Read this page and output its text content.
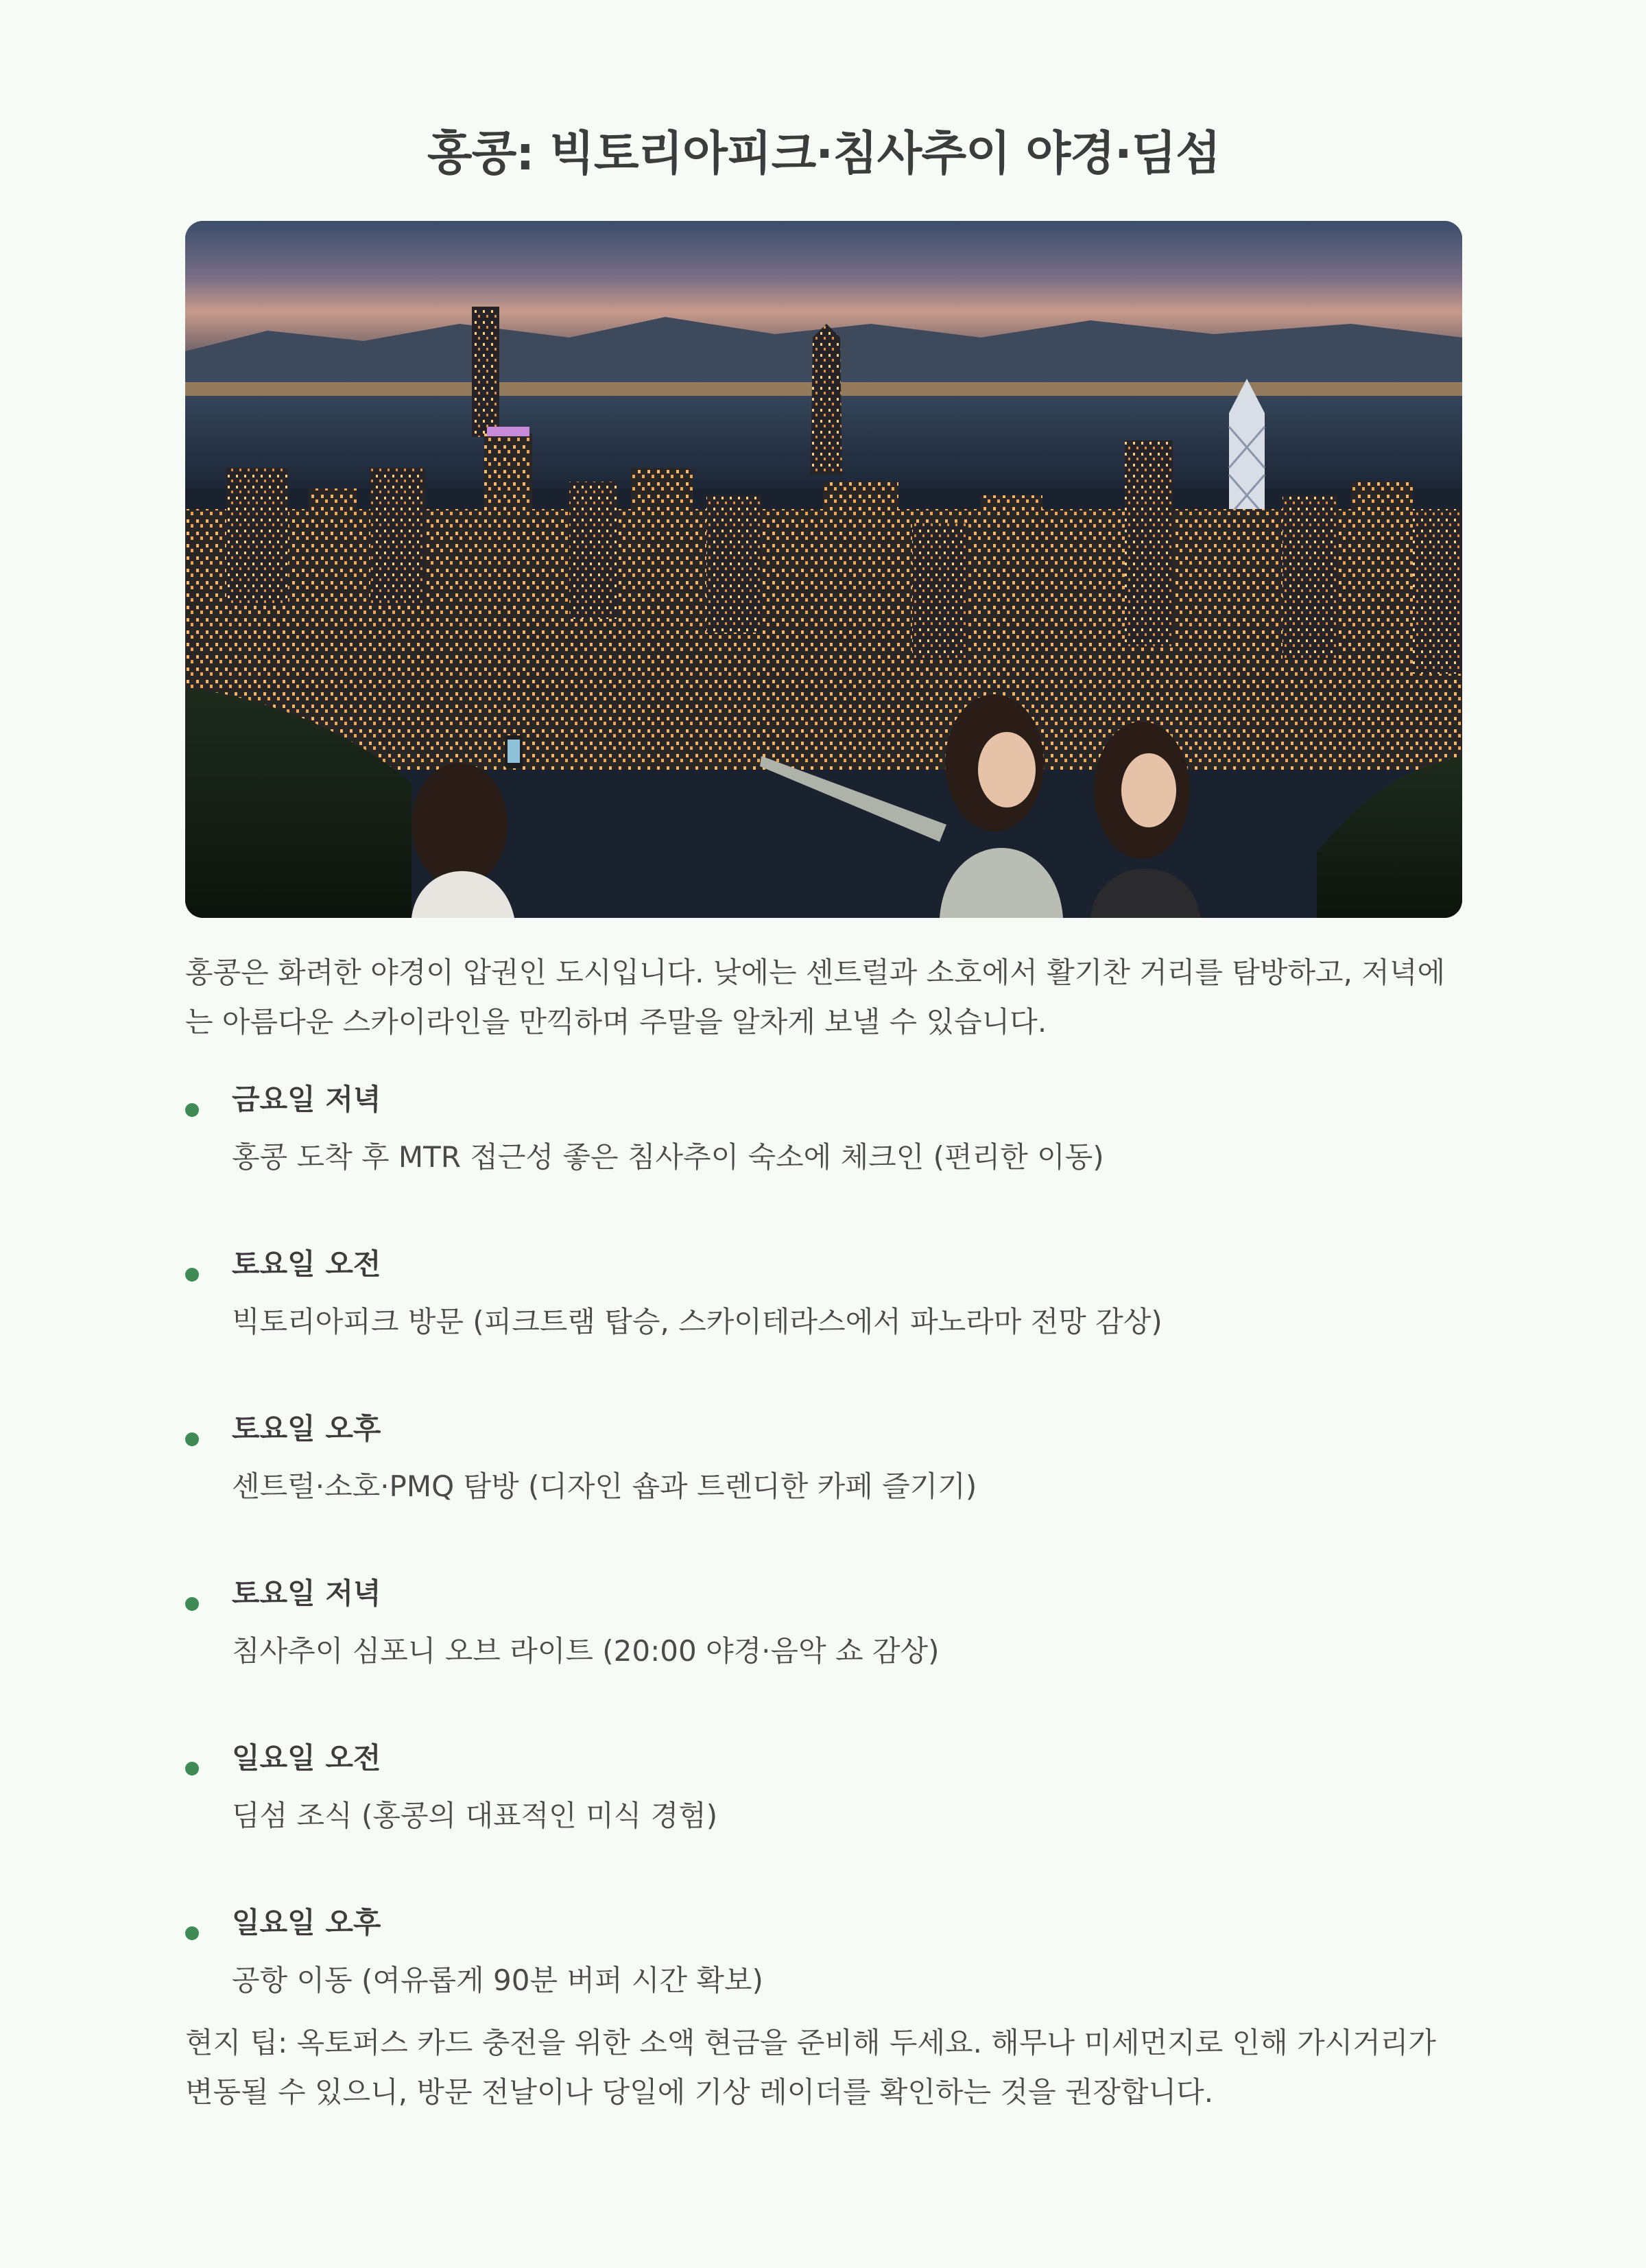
홍콩: 빅토리아피크·침사추이 야경·딤섬

홍콩은 화려한 야경이 압권인 도시입니다. 낮에는 센트럴과 소호에서 활기찬 거리를 탐방하고, 저녁에는 아름다운 스카이라인을 만끽하며 주말을 알차게 보낼 수 있습니다.

금요일 저녁
홍콩 도착 후 MTR 접근성 좋은 침사추이 숙소에 체크인 (편리한 이동)
토요일 오전
빅토리아피크 방문 (피크트램 탑승, 스카이테라스에서 파노라마 전망 감상)
토요일 오후
센트럴·소호·PMQ 탐방 (디자인 숍과 트렌디한 카페 즐기기)
토요일 저녁
침사추이 심포니 오브 라이트 (20:00 야경·음악 쇼 감상)
일요일 오전
딤섬 조식 (홍콩의 대표적인 미식 경험)
일요일 오후
공항 이동 (여유롭게 90분 버퍼 시간 확보)

현지 팁: 옥토퍼스 카드 충전을 위한 소액 현금을 준비해 두세요. 해무나 미세먼지로 인해 가시거리가 변동될 수 있으니, 방문 전날이나 당일에 기상 레이더를 확인하는 것을 권장합니다.
